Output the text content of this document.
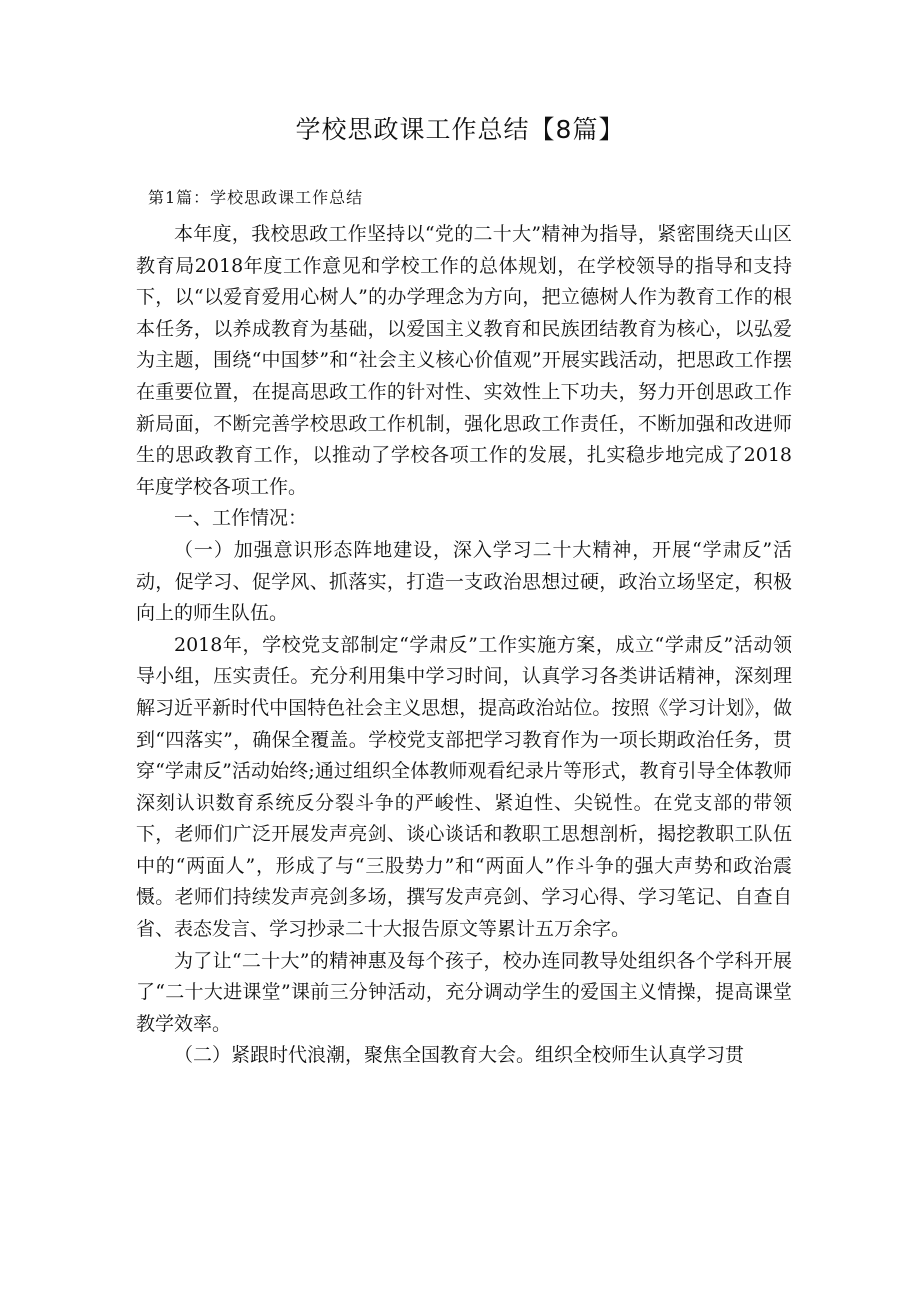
学校思政课工作总结【8篇】

第1篇：学校思政课工作总结

本年度，我校思政工作坚持以“党的二十大”精神为指导，紧密围绕天山区教育局2018年度工作意见和学校工作的总体规划，在学校领导的指导和支持下，以“以爱育爱用心树人”的办学理念为方向，把立德树人作为教育工作的根本任务，以养成教育为基础，以爱国主义教育和民族团结教育为核心，以弘爱为主题，围绕“中国梦”和“社会主义核心价值观”开展实践活动，把思政工作摆在重要位置，在提高思政工作的针对性、实效性上下功夫，努力开创思政工作新局面，不断完善学校思政工作机制，强化思政工作责任，不断加强和改进师生的思政教育工作，以推动了学校各项工作的发展，扎实稳步地完成了2018年度学校各项工作。

一、工作情况：

（一）加强意识形态阵地建设，深入学习二十大精神，开展“学肃反”活动，促学习、促学风、抓落实，打造一支政治思想过硬，政治立场坚定，积极向上的师生队伍。

2018年，学校党支部制定“学肃反”工作实施方案，成立“学肃反”活动领导小组，压实责任。充分利用集中学习时间，认真学习各类讲话精神，深刻理解习近平新时代中国特色社会主义思想，提高政治站位。按照《学习计划》，做到“四落实”，确保全覆盖。学校党支部把学习教育作为一项长期政治任务，贯穿“学肃反”活动始终;通过组织全体教师观看纪录片等形式，教育引导全体教师深刻认识数育系统反分裂斗争的严峻性、紧迫性、尖锐性。在党支部的带领下，老师们广泛开展发声亮剑、谈心谈话和教职工思想剖析，揭挖教职工队伍中的“两面人”，形成了与“三股势力”和“两面人”作斗争的强大声势和政治震慑。老师们持续发声亮剑多场，撰写发声亮剑、学习心得、学习笔记、自查自省、表态发言、学习抄录二十大报告原文等累计五万余字。

为了让“二十大”的精神惠及每个孩子，校办连同教导处组织各个学科开展了“二十大进课堂”课前三分钟活动，充分调动学生的爱国主义情操，提高课堂教学效率。

（二）紧跟时代浪潮，聚焦全国教育大会。组织全校师生认真学习贯
